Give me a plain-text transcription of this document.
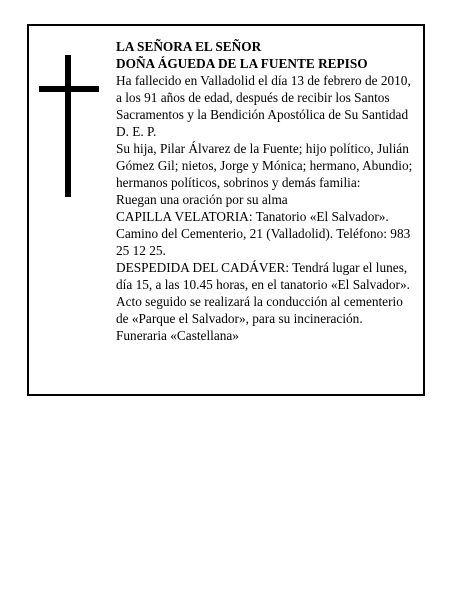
LA SEÑORA EL SEÑOR
DOÑA ÁGUEDA DE LA FUENTE REPISO
Ha fallecido en Valladolid el día 13 de febrero de 2010,
a los 91 años de edad, después de recibir los Santos
Sacramentos y la Bendición Apostólica de Su Santidad
D. E. P.
Su hija, Pilar Álvarez de la Fuente; hijo político, Julián
Gómez Gil; nietos, Jorge y Mónica; hermano, Abundio;
hermanos políticos, sobrinos y demás familia:
Ruegan una oración por su alma
CAPILLA VELATORIA: Tanatorio «El Salvador».
Camino del Cementerio, 21 (Valladolid). Teléfono: 983
25 12 25.
DESPEDIDA DEL CADÁVER: Tendrá lugar el lunes,
día 15, a las 10.45 horas, en el tanatorio «El Salvador».
Acto seguido se realizará la conducción al cementerio
de «Parque el Salvador», para su incineración.
Funeraria «Castellana»
